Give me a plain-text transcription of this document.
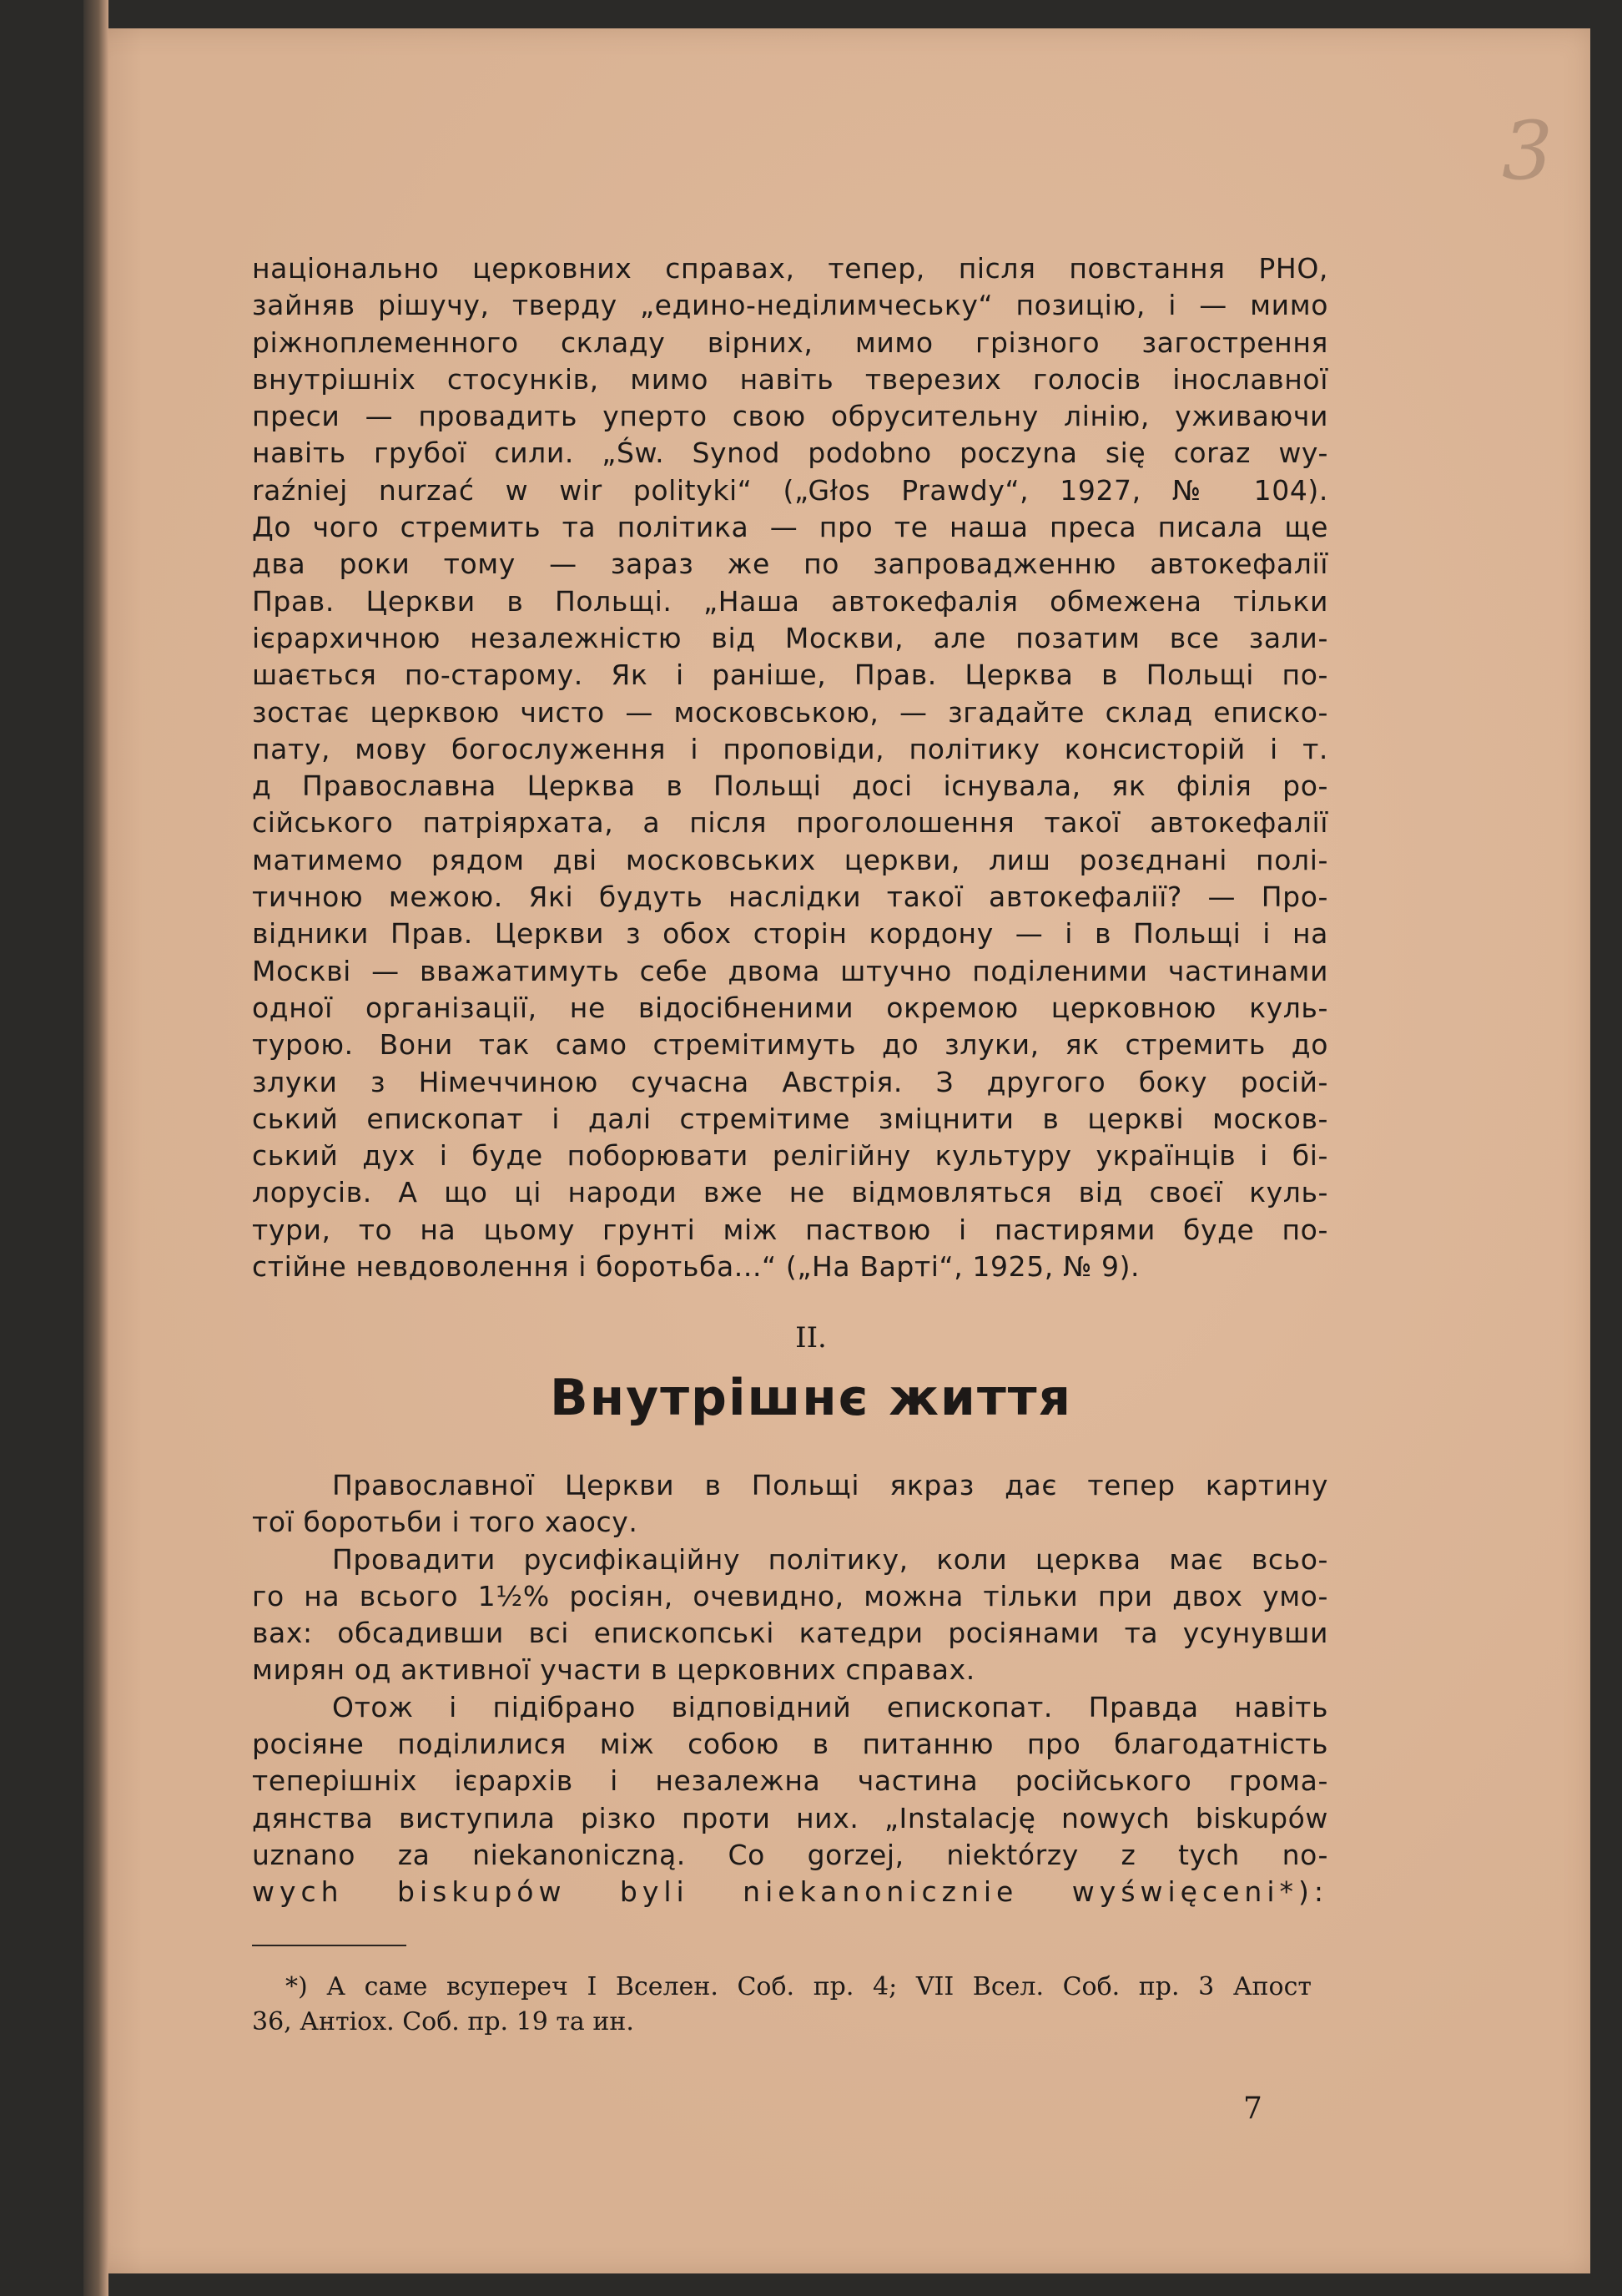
3
національно церковних справах, тепер, після повстання РНО,
зайняв рішучу, тверду „едино-неділимчеську“ позицію, і — мимо
ріжноплеменного складу вірних, мимо грізного загострення
внутрішніх стосунків, мимо навіть тверезих голосів інославної
преси — провадить уперто свою обрусительну лінію, уживаючи
навіть грубої сили. „Św. Synod podobno poczyna się coraz wy-
raźniej nurzać w wir polityki“ („Głos Prawdy“, 1927, № 104).
До чого стремить та політика — про те наша преса писала ще
два роки тому — зараз же по запровадженню автокефалії
Прав. Церкви в Польщі. „Наша автокефалія обмежена тільки
ієрархичною незалежністю від Москви, але позатим все зали-
шається по-старому. Як і раніше, Прав. Церква в Польщі по-
зостає церквою чисто — московською, — згадайте склад еписко-
пату, мову богослуження і проповіди, політику консисторій і т.
д Православна Церква в Польщі досі існувала, як філія ро-
сійського патріярхата, а після проголошення такої автокефалії
матимемо рядом дві московських церкви, лиш розєднані полі-
тичною межою. Які будуть наслідки такої автокефалії? — Про-
відники Прав. Церкви з обох сторін кордону — і в Польщі і на
Москві — вважатимуть себе двома штучно поділеними частинами
одної організації, не відосібненими окремою церковною куль-
турою. Вони так само стремітимуть до злуки, як стремить до
злуки з Німеччиною сучасна Австрія. З другого боку росій-
ський епископат і далі стремітиме зміцнити в церкві москов-
ський дух і буде поборювати релігійну культуру українців і бі-
лорусів. А що ці народи вже не відмовляться від своєї куль-
тури, то на цьому грунті між паствою і пастирями буде по-
стійне невдоволення і боротьба...“ („На Варті“, 1925, № 9).
II.
Внутрішнє життя
Православної Церкви в Польщі якраз дає тепер картину
тої боротьби і того хаосу.
Провадити русифікаційну політику, коли церква має всьо-
го на всього 1½% росіян, очевидно, можна тільки при двох умо-
вах: обсадивши всі епископські катедри росіянами та усунувши
мирян од активної участи в церковних справах.
Отож і підібрано відповідний епископат. Правда навіть
росіяне поділилися між собою в питанню про благодатність
теперішніх ієрархів і незалежна частина російського грома-
дянства виступила різко проти них. „Instalację nowych biskupów
uznano za niekanoniczną. Co gorzej, niektórzy z tych no-
wych biskupów byli niekanonicznie wyświęceni*):
*) А саме всупереч I Вселен. Соб. пр. 4; VII Всел. Соб. пр. 3 Апост
36, Антіох. Соб. пр. 19 та ин.
7
